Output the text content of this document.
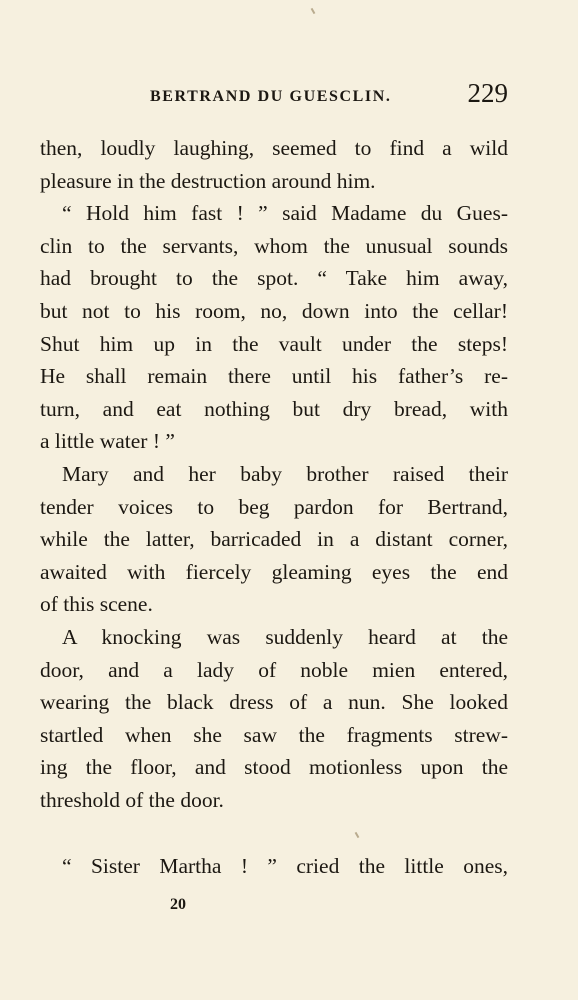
BERTRAND DU GUESCLIN.	229
then, loudly laughing, seemed to find a wild
pleasure in the destruction around him.
“ Hold him fast ! ” said Madame du Gues-
clin to the servants, whom the unusual sounds
had brought to the spot. “ Take him away,
but not to his room, no, down into the cellar!
Shut him up in the vault under the steps!
He shall remain there until his father’s re-
turn, and eat nothing but dry bread, with
a little water ! ”
Mary and her baby brother raised their
tender voices to beg pardon for Bertrand,
while the latter, barricaded in a distant corner,
awaited with fiercely gleaming eyes the end
of this scene.
A knocking was suddenly heard at the
door, and a lady of noble mien entered,
wearing the black dress of a nun. She looked
startled when she saw the fragments strew-
ing the floor, and stood motionless upon the
threshold of the door.
“ Sister Martha ! ” cried the little ones,
20
